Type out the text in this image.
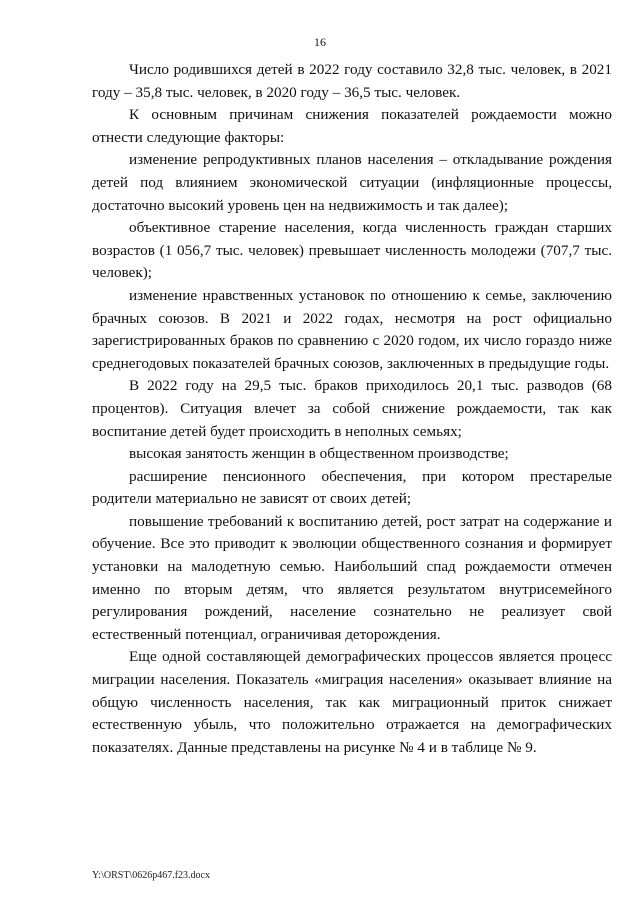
16

Число родившихся детей в 2022 году составило 32,8 тыс. человек, в 2021 году – 35,8 тыс. человек, в 2020 году – 36,5 тыс. человек.

К основным причинам снижения показателей рождаемости можно отнести следующие факторы:

изменение репродуктивных планов населения – откладывание рождения детей под влиянием экономической ситуации (инфляционные процессы, достаточно высокий уровень цен на недвижимость и так далее);

объективное старение населения, когда численность граждан старших возрастов (1 056,7 тыс. человек) превышает численность молодежи (707,7 тыс. человек);

изменение нравственных установок по отношению к семье, заключению брачных союзов. В 2021 и 2022 годах, несмотря на рост официально зарегистрированных браков по сравнению с 2020 годом, их число гораздо ниже среднегодовых показателей брачных союзов, заключенных в предыдущие годы.

В 2022 году на 29,5 тыс. браков приходилось 20,1 тыс. разводов (68 процентов). Ситуация влечет за собой снижение рождаемости, так как воспитание детей будет происходить в неполных семьях;

высокая занятость женщин в общественном производстве;

расширение пенсионного обеспечения, при котором престарелые родители материально не зависят от своих детей;

повышение требований к воспитанию детей, рост затрат на содержание и обучение. Все это приводит к эволюции общественного сознания и формирует установки на малодетную семью. Наибольший спад рождаемости отмечен именно по вторым детям, что является результатом внутрисемейного регулирования рождений, население сознательно не реализует свой естественный потенциал, ограничивая деторождения.

Еще одной составляющей демографических процессов является процесс миграции населения. Показатель «миграция населения» оказывает влияние на общую численность населения, так как миграционный приток снижает естественную убыль, что положительно отражается на демографических показателях. Данные представлены на рисунке № 4 и в таблице № 9.

Y:\ORST\0626p467.f23.docx
